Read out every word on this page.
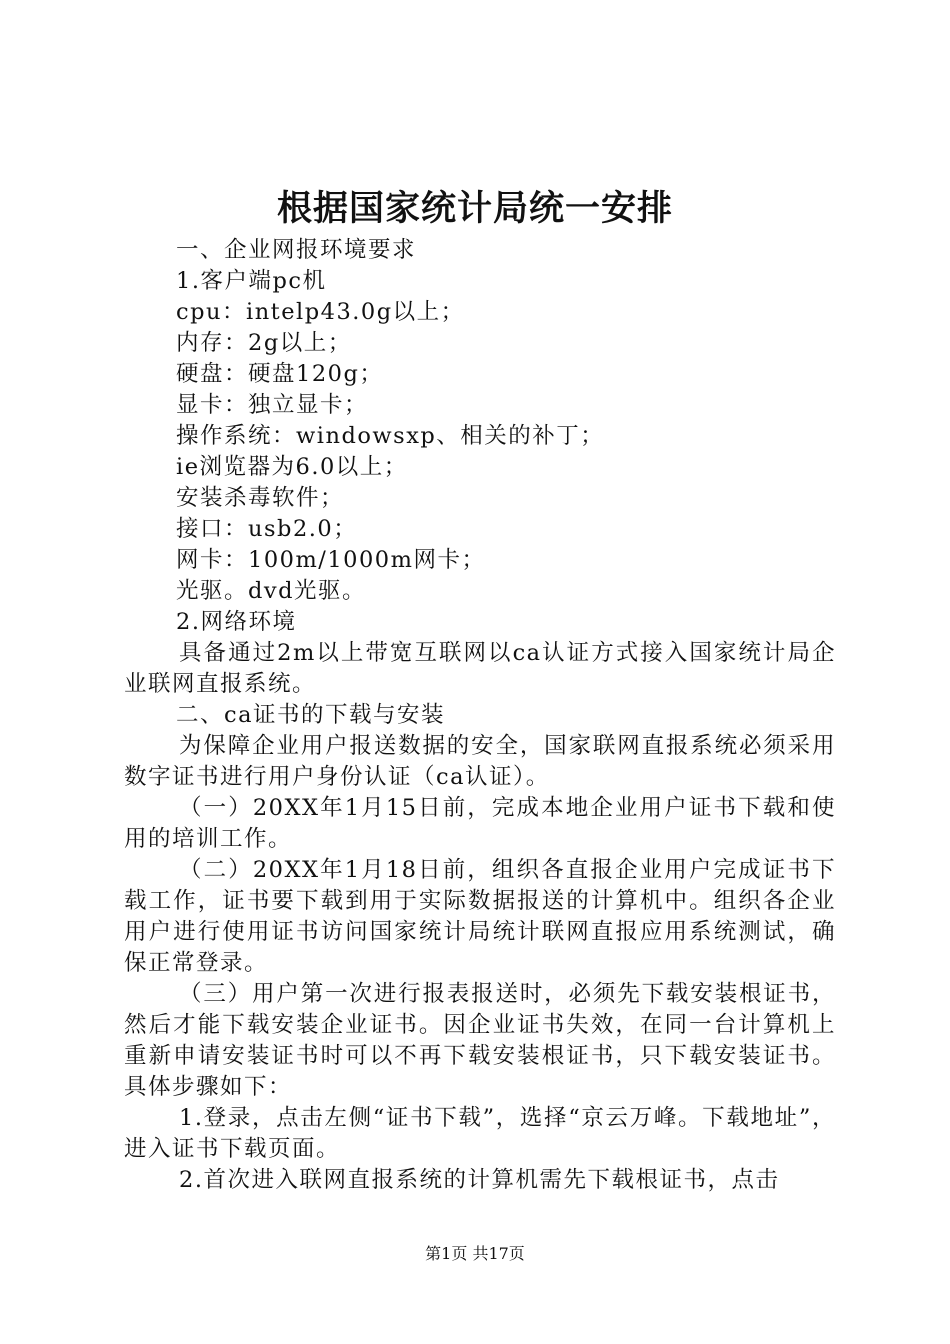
根据国家统计局统一安排

一、企业网报环境要求

1.客户端pc机

cpu：intelp43.0g以上；

内存：2g以上；

硬盘：硬盘120g；

显卡：独立显卡；

操作系统：windowsxp、相关的补丁；

ie浏览器为6.0以上；

安装杀毒软件；

接口：usb2.0；

网卡：100m/1000m网卡；

光驱。dvd光驱。

2.网络环境

具备通过2m以上带宽互联网以ca认证方式接入国家统计局企业联网直报系统。

二、ca证书的下载与安装

为保障企业用户报送数据的安全，国家联网直报系统必须采用数字证书进行用户身份认证（ca认证）。

（一）20XX年1月15日前，完成本地企业用户证书下载和使用的培训工作。

（二）20XX年1月18日前，组织各直报企业用户完成证书下载工作，证书要下载到用于实际数据报送的计算机中。组织各企业用户进行使用证书访问国家统计局统计联网直报应用系统测试，确保正常登录。

（三）用户第一次进行报表报送时，必须先下载安装根证书，然后才能下载安装企业证书。因企业证书失效，在同一台计算机上重新申请安装证书时可以不再下载安装根证书，只下载安装证书。具体步骤如下：

1.登录，点击左侧“证书下载”，选择“京云万峰。下载地址”，进入证书下载页面。

2.首次进入联网直报系统的计算机需先下载根证书，点击

第1页 共17页
